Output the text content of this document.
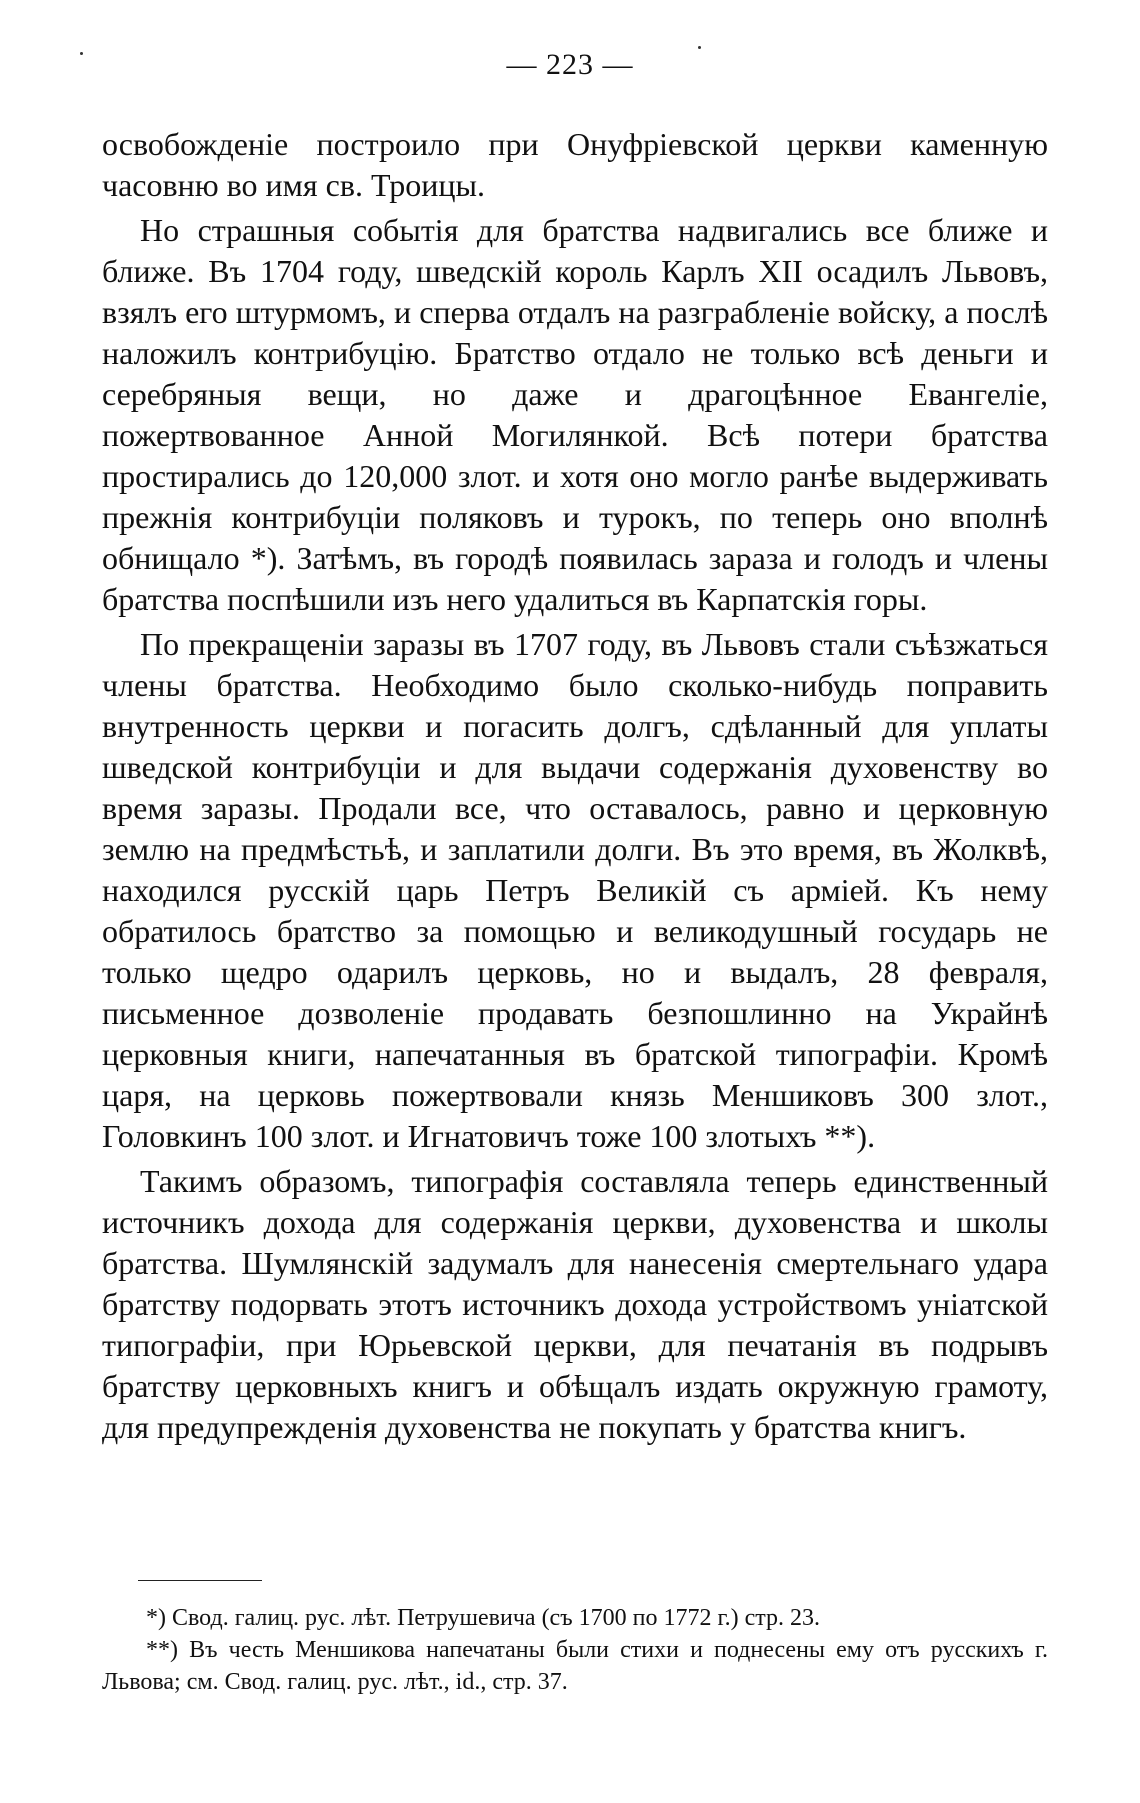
— 223 —

освобожденіе построило при Онуфріевской церкви каменную часовню во имя св. Троицы.

Но страшныя событія для братства надвигались все ближе и ближе. Въ 1704 году, шведскій король Карлъ XII осадилъ Львовъ, взялъ его штурмомъ, и сперва отдалъ на разграбленіе войску, а послѣ наложилъ контрибуцію. Братство отдало не только всѣ деньги и серебряныя вещи, но даже и драгоцѣнное Евангеліе, пожертвованное Анной Могилянкой. Всѣ потери братства простирались до 120,000 злот. и хотя оно могло ранѣе выдерживать прежнія контрибуціи поляковъ и турокъ, по теперь оно вполнѣ обнищало *). Затѣмъ, въ городѣ появилась зараза и голодъ и члены братства поспѣшили изъ него удалиться въ Карпатскія горы.

По прекращеніи заразы въ 1707 году, въ Львовъ стали съѣзжаться члены братства. Необходимо было сколько-нибудь поправить внутренность церкви и погасить долгъ, сдѣланный для уплаты шведской контрибуціи и для выдачи содержанія духовенству во время заразы. Продали все, что оставалось, равно и церковную землю на предмѣстьѣ, и заплатили долги. Въ это время, въ Жолквѣ, находился русскій царь Петръ Великій съ арміей. Къ нему обратилось братство за помощью и великодушный государь не только щедро одарилъ церковь, но и выдалъ, 28 февраля, письменное дозволеніе продавать безпошлинно на Украйнѣ церковныя книги, напечатанныя въ братской типографіи. Кромѣ царя, на церковь пожертвовали князь Меншиковъ 300 злот., Головкинъ 100 злот. и Игнатовичъ тоже 100 злотыхъ **).

Такимъ образомъ, типографія составляла теперь единственный источникъ дохода для содержанія церкви, духовенства и школы братства. Шумлянскій задумалъ для нанесенія смертельнаго удара братству подорвать этотъ источникъ дохода устройствомъ уніатской типографіи, при Юрьевской церкви, для печатанія въ подрывъ братству церковныхъ книгъ и обѣщалъ издать окружную грамоту, для предупрежденія духовенства не покупать у братства книгъ.

*) Свод. галиц. рус. лѣт. Петрушевича (съ 1700 по 1772 г.) стр. 23.

**) Въ честь Меншикова напечатаны были стихи и поднесены ему отъ русскихъ г. Львова; см. Свод. галиц. рус. лѣт., id., стр. 37.
